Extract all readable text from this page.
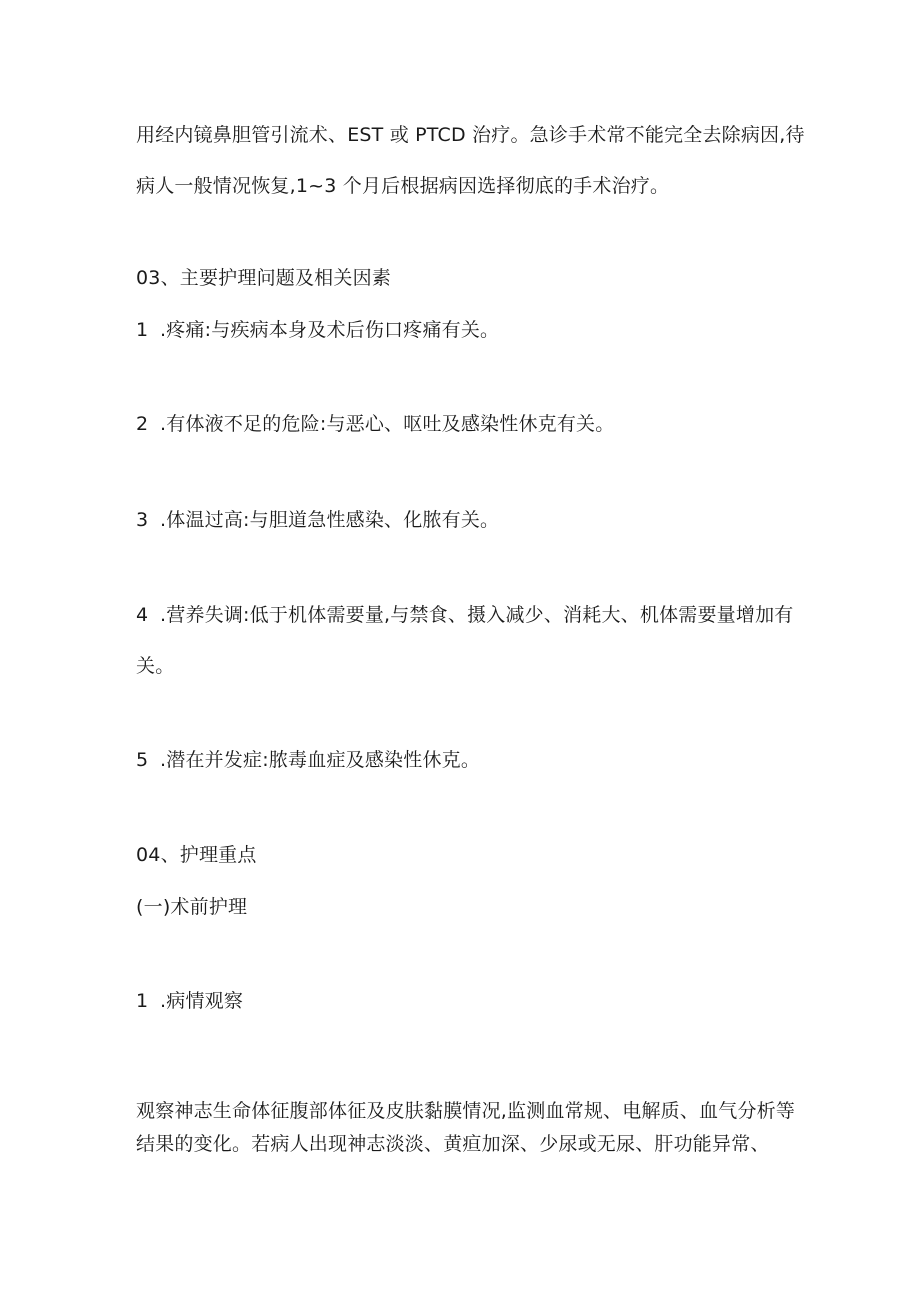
用经内镜鼻胆管引流术、EST 或 PTCD 治疗。急诊手术常不能完全去除病因,待
病人一般情况恢复,1~3 个月后根据病因选择彻底的手术治疗。
03、主要护理问题及相关因素
1 .疼痛:与疾病本身及术后伤口疼痛有关。
2 .有体液不足的危险:与恶心、呕吐及感染性休克有关。
3 .体温过高:与胆道急性感染、化脓有关。
4 .营养失调:低于机体需要量,与禁食、摄入减少、消耗大、机体需要量增加有
关。
5 .潜在并发症:脓毒血症及感染性休克。
04、护理重点
(一)术前护理
1 .病情观察
观察神志生命体征腹部体征及皮肤黏膜情况,监测血常规、电解质、血气分析等
结果的变化。若病人出现神志淡淡、黄疸加深、少尿或无尿、肝功能异常、
